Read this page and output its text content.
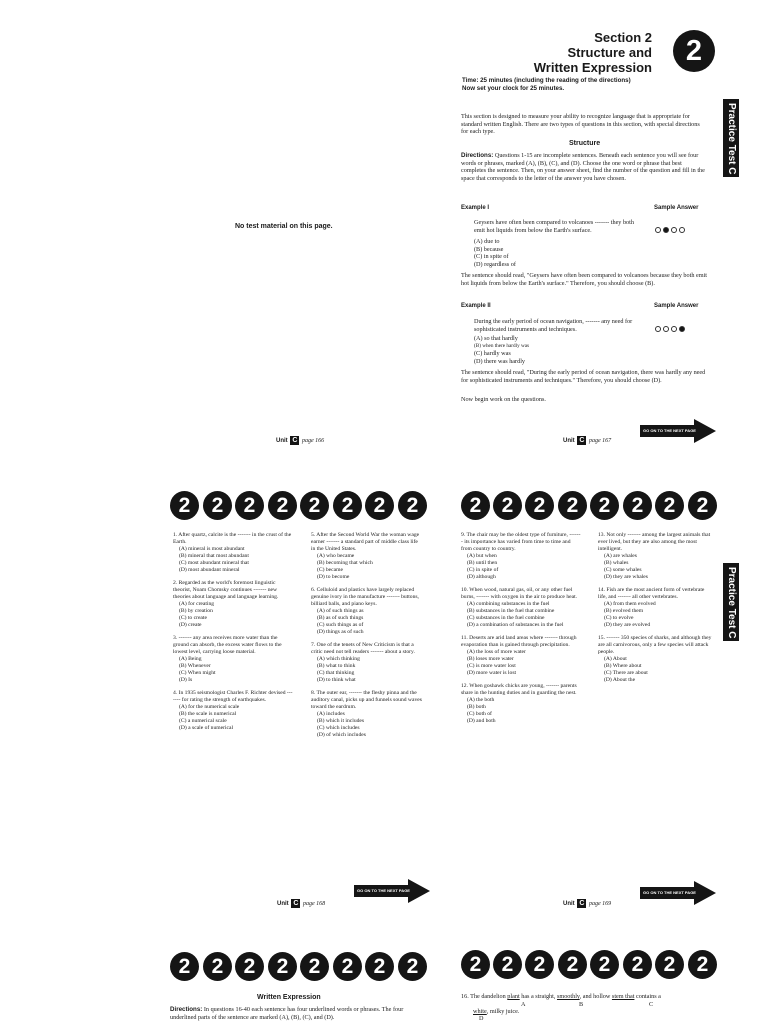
No test material on this page.
Unit C page 166
Section 2
Structure and
Written Expression
2
Time: 25 minutes (including the reading of the directions)
Now set your clock for 25 minutes.
Practice Test C
This section is designed to measure your ability to recognize language that is appropriate for standard written English. There are two types of questions in this section, with special directions for each type.
Structure
Directions: Questions 1-15 are incomplete sentences. Beneath each sentence you will see four words or phrases, marked (A), (B), (C), and (D). Choose the one word or phrase that best completes the sentence. Then, on your answer sheet, find the number of the question and fill in the space that corresponds to the letter of the answer you have chosen.
Example I	Sample Answer
Geysers have often been compared to volcanoes ------- they both emit hot liquids from below the Earth's surface.
(A) due to
(B) because
(C) in spite of
(D) regardless of
The sentence should read, "Geysers have often been compared to volcanoes because they both emit hot liquids from below the Earth's surface." Therefore, you should choose (B).
Example II	Sample Answer
During the early period of ocean navigation, ------- any need for sophisticated instruments and techniques.
(A) so that hardly
(B) when there hardly was
(C) hardly was
(D) there was hardly
The sentence should read, "During the early period of ocean navigation, there was hardly any need for sophisticated instruments and techniques." Therefore, you should choose (D).
Now begin work on the questions.
GO ON TO THE NEXT PAGE
Unit C page 167
2	2 2	2 2	2 2	2

1. After quartz, calcite is the ------- in the crust of the Earth.

(A) mineral is most abundant

(B) mineral that most abundant

(C) most abundant mineral that

(D) most abundant mineral

2. Regarded as the world's foremost linguistic theorist, Noam Chomsky continues ------- new theories about language and language learning.

(A) for creating

(B) by creation

(C) to create

(D) create

3. ------- any area receives more water than the ground can absorb, the excess water flows to the lowest level, carrying loose material.

(A) Being

(B) Whenever

(C) When might

(D) Is

4. In 1935 seismologist Charles F. Richter devised ------- for rating the strength of earthquakes.

(A) for the numerical scale

(B) the scale is numerical

(C) a numerical scale

(D) a scale of numerical

5. After the Second World War the woman wage earner ------- a standard part of middle class life in the United States.

(A) who became

(B) becoming that which

(C) became

(D) to become

6. Celluloid and plastics have largely replaced genuine ivory in the manufacture ------- buttons, billiard balls, and piano keys.

(A) of such things as

(B) as of such things

(C) such things as of

(D) things as of such

7. One of the tenets of New Criticism is that a critic need not tell readers ------- about a story.

(A) which thinking

(B) what to think

(C) that thinking

(D) to think what

8. The outer ear, ------- the fleshy pinna and the auditory canal, picks up and funnels sound waves toward the eardrum.

(A) includes

(B) which it includes

(C) which includes

(D) of which includes

GO ON TO THE NEXT PAGE
Unit C page 168
2 2 2	2 2	2 2	2
Practice Test C

9. The chair may be the oldest type of furniture, ------- its importance has varied from time to time and from country to country.

(A) but when

(B) until then

(C) in spite of

(D) although

10. When wood, natural gas, oil, or any other fuel burns, ------- with oxygen in the air to produce heat.

(A) combining substances in the fuel

(B) substances in the fuel that combine

(C) substances in the fuel combine

(D) a combination of substances in the fuel

11. Deserts are arid land areas where ------- through evaporation than is gained through precipitation.

(A) the loss of more water

(B) loses more water

(C) is more water lost

(D) more water is lost

12. When goshawk chicks are young, ------- parents share in the hunting duties and in guarding the nest.

(A) the both

(B) both

(C) both of

(D) and both

13. Not only ------- among the largest animals that ever lived, but they are also among the most intelligent.

(A) are whales

(B) whales

(C) some whales

(D) they are whales

14. Fish are the most ancient form of vertebrate life, and ------- all other vertebrates.

(A) from them evolved

(B) evolved them

(C) to evolve

(D) they are evolved

15. ------- 350 species of sharks, and although they are all carnivorous, only a few species will attack people.

(A) About

(B) Where about

(C) There are about

(D) About the

GO ON TO THE NEXT PAGE
Unit C page 169
2	2 2	2 2	2 2	2
Written Expression
Directions: In questions 16-40 each sentence has four underlined words or phrases. The four underlined parts of the sentence are marked (A), (B), (C), and (D).
2 2 2	2 2	2 2	2
16. The dandelion plant has a straight, smoothly, and hollow stem that contains a
A	B	C
white, milky juice.
D
